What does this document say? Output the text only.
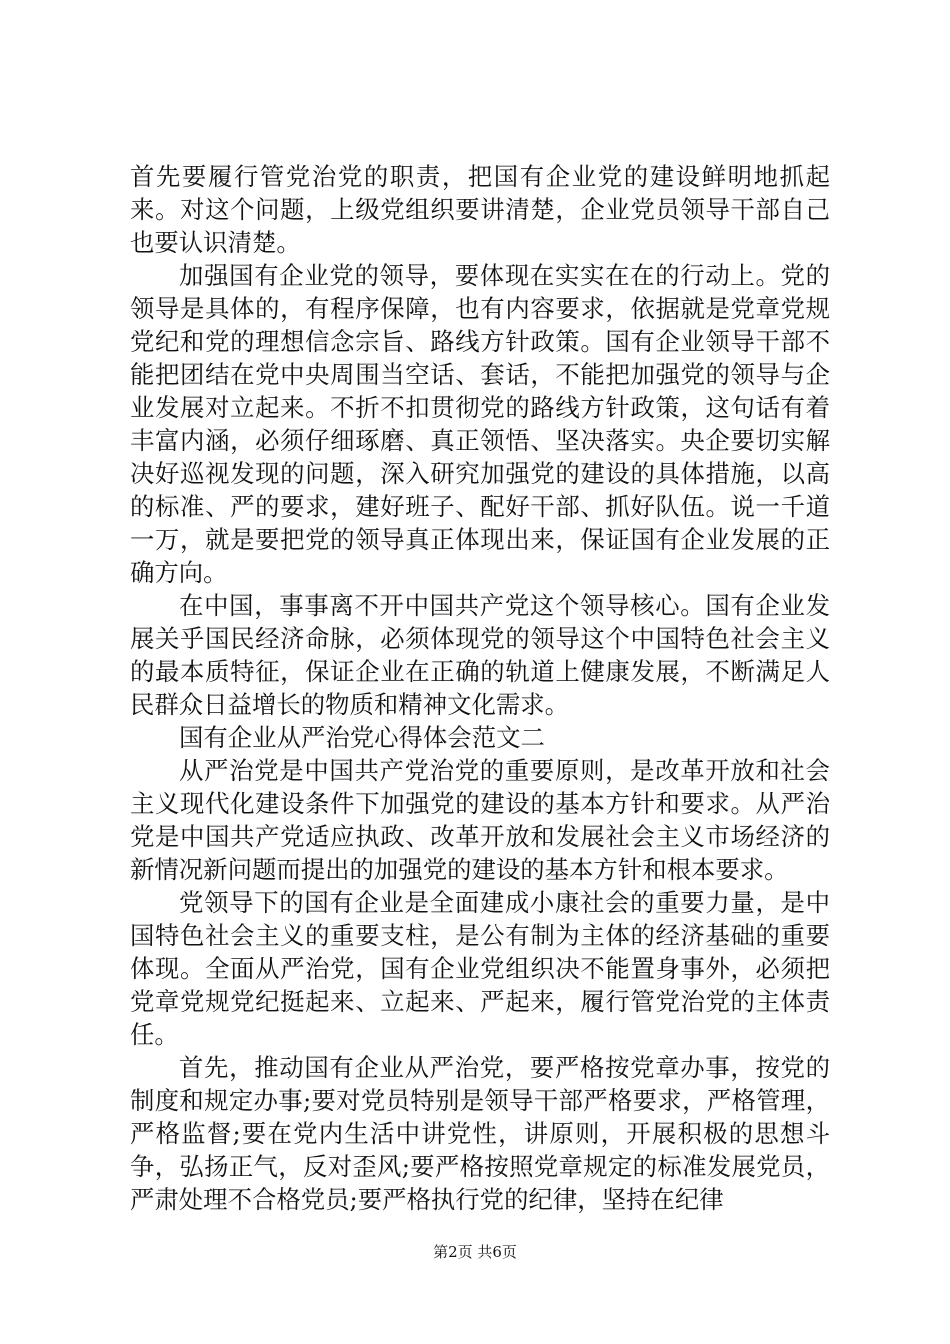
首先要履行管党治党的职责，把国有企业党的建设鲜明地抓起来。对这个问题，上级党组织要讲清楚，企业党员领导干部自己也要认识清楚。

加强国有企业党的领导，要体现在实实在在的行动上。党的领导是具体的，有程序保障，也有内容要求，依据就是党章党规党纪和党的理想信念宗旨、路线方针政策。国有企业领导干部不能把团结在党中央周围当空话、套话，不能把加强党的领导与企业发展对立起来。不折不扣贯彻党的路线方针政策，这句话有着丰富内涵，必须仔细琢磨、真正领悟、坚决落实。央企要切实解决好巡视发现的问题，深入研究加强党的建设的具体措施，以高的标准、严的要求，建好班子、配好干部、抓好队伍。说一千道一万，就是要把党的领导真正体现出来，保证国有企业发展的正确方向。

在中国，事事离不开中国共产党这个领导核心。国有企业发展关乎国民经济命脉，必须体现党的领导这个中国特色社会主义的最本质特征，保证企业在正确的轨道上健康发展，不断满足人民群众日益增长的物质和精神文化需求。

国有企业从严治党心得体会范文二

从严治党是中国共产党治党的重要原则，是改革开放和社会主义现代化建设条件下加强党的建设的基本方针和要求。从严治党是中国共产党适应执政、改革开放和发展社会主义市场经济的新情况新问题而提出的加强党的建设的基本方针和根本要求。

党领导下的国有企业是全面建成小康社会的重要力量，是中国特色社会主义的重要支柱，是公有制为主体的经济基础的重要体现。全面从严治党，国有企业党组织决不能置身事外，必须把党章党规党纪挺起来、立起来、严起来，履行管党治党的主体责任。

首先，推动国有企业从严治党，要严格按党章办事，按党的制度和规定办事;要对党员特别是领导干部严格要求，严格管理，严格监督;要在党内生活中讲党性，讲原则，开展积极的思想斗争，弘扬正气，反对歪风;要严格按照党章规定的标准发展党员，严肃处理不合格党员;要严格执行党的纪律，坚持在纪律

第2页 共6页
